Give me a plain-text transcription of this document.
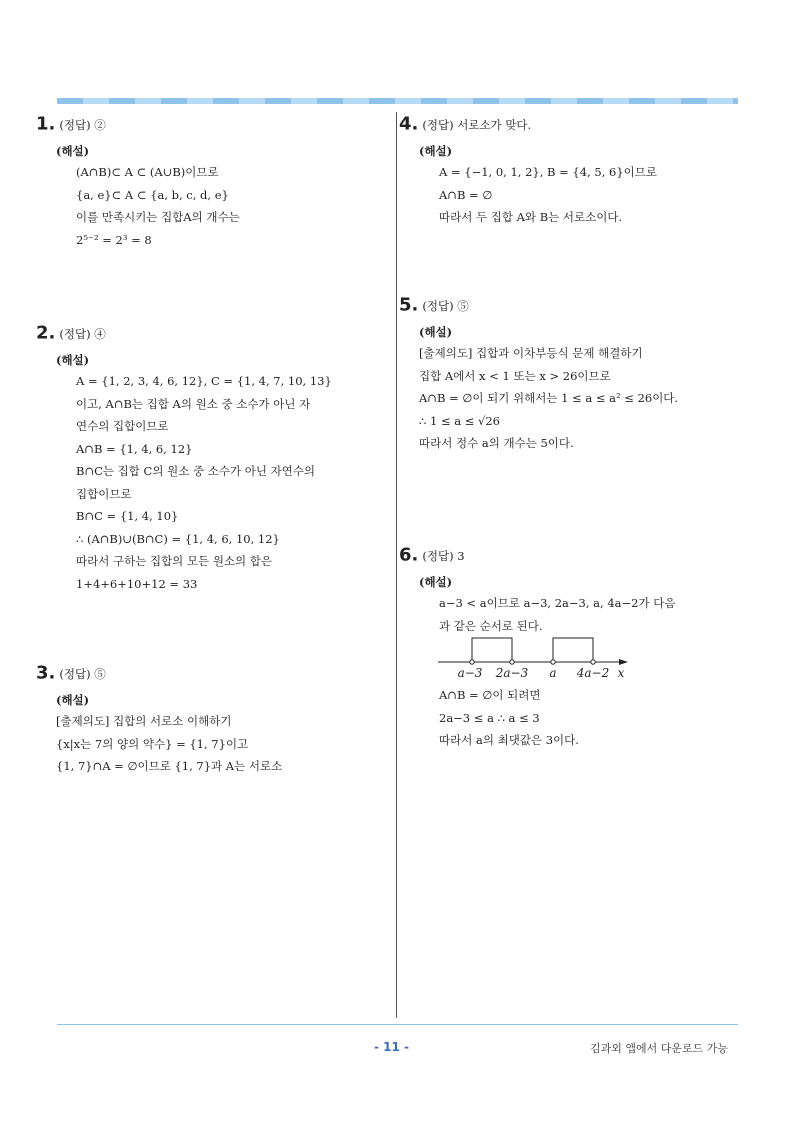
1. (정답) ②
(해설)
(A∩B)⊂ A ⊂ (A∪B)이므로
{a, e}⊂ A ⊂ {a, b, c, d, e}
이를 만족시키는 집합A의 개수는
2⁵⁻² = 2³ = 8
2. (정답) ④
(해설)
A = {1, 2, 3, 4, 6, 12}, C = {1, 4, 7, 10, 13}
이고, A∩B는 집합 A의 원소 중 소수가 아닌 자
연수의 집합이므로
A∩B = {1, 4, 6, 12}
B∩C는 집합 C의 원소 중 소수가 아닌 자연수의
집합이므로
B∩C = {1, 4, 10}
∴ (A∩B)∪(B∩C) = {1, 4, 6, 10, 12}
따라서 구하는 집합의 모든 원소의 합은
1+4+6+10+12 = 33
3. (정답) ⑤
(해설)
[출제의도] 집합의 서로소 이해하기
{x|x는 7의 양의 약수} = {1, 7}이고
{1, 7}∩A = ∅이므로 {1, 7}과 A는 서로소
4. (정답) 서로소가 맞다.
(해설)
A = {−1, 0, 1, 2}, B = {4, 5, 6}이므로
A∩B = ∅
따라서 두 집합 A와 B는 서로소이다.
5. (정답) ⑤
(해설)
[출제의도] 집합과 이차부등식 문제 해결하기
집합 A에서 x < 1 또는 x > 26이므로
A∩B = ∅이 되기 위해서는 1 ≤ a ≤ a² ≤ 26이다.
∴ 1 ≤ a ≤ √26
따라서 정수 a의 개수는 5이다.
6. (정답) 3
(해설)
a−3 < a이므로 a−3, 2a−3, a, 4a−2가 다음
과 같은 순서로 된다.
a−3 2a−3 a 4a−2 x
A∩B = ∅이 되려면
2a−3 ≤ a ∴ a ≤ 3
따라서 a의 최댓값은 3이다.
- 11 -	김과외 앱에서 다운로드 가능
